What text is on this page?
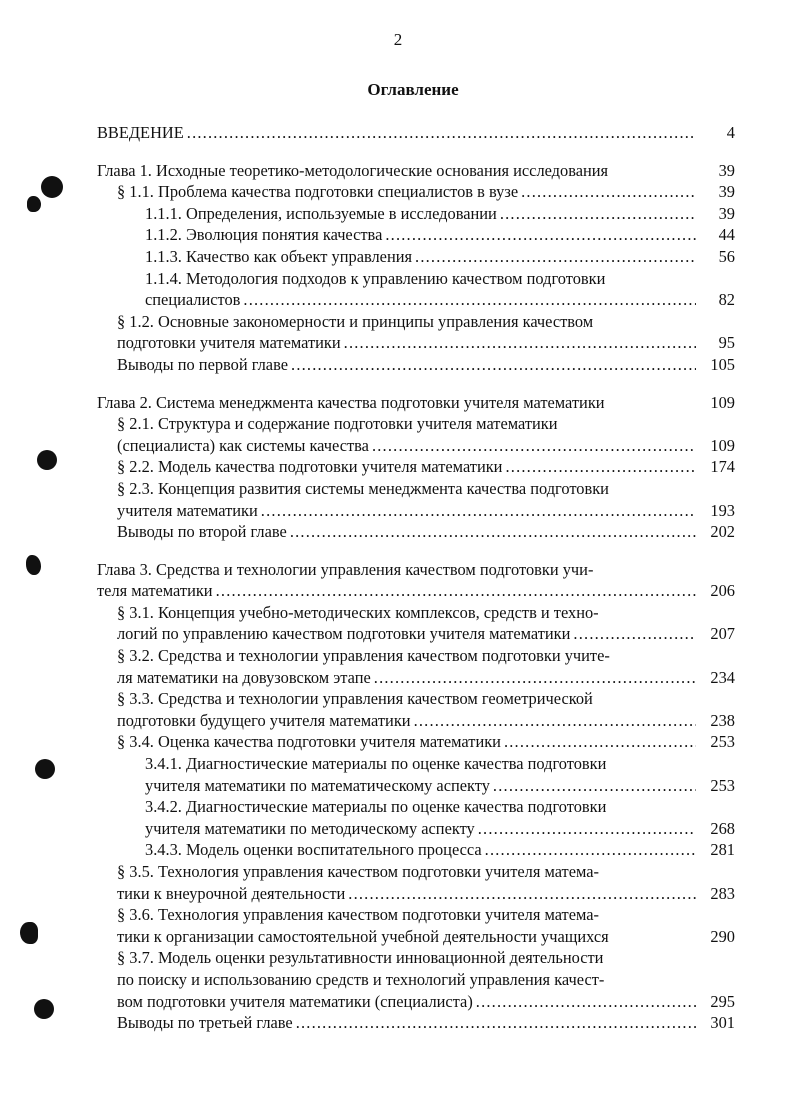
2
Оглавление
ВВЕДЕНИЕ .....	4
Глава 1. Исходные теоретико-методологические основания исследования	39
§ 1.1. Проблема качества подготовки специалистов в вузе .....	39
1.1.1. Определения, используемые в исследовании .....	39
1.1.2. Эволюция понятия качества .....	44
1.1.3. Качество как объект управления .....	56
1.1.4. Методология подходов к управлению качеством подготовки
специалистов .....	82
§ 1.2. Основные закономерности и принципы управления качеством
подготовки учителя математики .....	95
Выводы по первой главе .....	105
Глава 2. Система менеджмента качества подготовки учителя математики	109
§ 2.1. Структура и содержание подготовки учителя математики
(специалиста) как системы качества .....	109
§ 2.2. Модель качества подготовки учителя математики .....	174
§ 2.3. Концепция развития системы менеджмента качества подготовки
учителя математики .....	193
Выводы по второй главе .....	202
Глава 3. Средства и технологии управления качеством подготовки учи-
теля математики .....	206
§ 3.1. Концепция учебно-методических комплексов, средств и техно-
логий по управлению качеством подготовки учителя математики .....	207
§ 3.2. Средства и технологии управления качеством подготовки учите-
ля математики на довузовском этапе .....	234
§ 3.3. Средства и технологии управления качеством геометрической
подготовки будущего учителя математики .....	238
§ 3.4. Оценка качества подготовки учителя математики .....	253
3.4.1. Диагностические материалы по оценке качества подготовки
учителя математики по математическому аспекту .....	253
3.4.2. Диагностические материалы по оценке качества подготовки
учителя математики по методическому аспекту .....	268
3.4.3. Модель оценки воспитательного процесса .....	281
§ 3.5. Технология управления качеством подготовки учителя матема-
тики к внеурочной деятельности .....	283
§ 3.6. Технология управления качеством подготовки учителя матема-
тики к организации самостоятельной учебной деятельности учащихся	290
§ 3.7. Модель оценки результативности инновационной деятельности
по поиску и использованию средств и технологий управления качест-
вом подготовки учителя математики (специалиста) .....	295
Выводы по третьей главе .....	301
